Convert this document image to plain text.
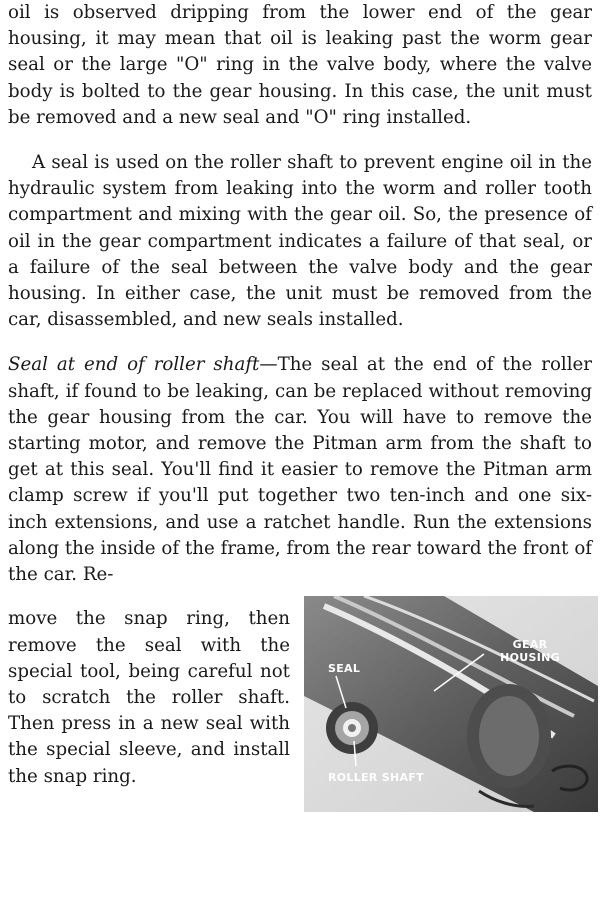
oil is observed dripping from the lower end of the gear housing, it may mean that oil is leaking past the worm gear seal or the large "O" ring in the valve body, where the valve body is bolted to the gear housing. In this case, the unit must be removed and a new seal and "O" ring installed.

A seal is used on the roller shaft to prevent engine oil in the hydraulic system from leaking into the worm and roller tooth compartment and mixing with the gear oil. So, the presence of oil in the gear compartment indicates a failure of that seal, or a failure of the seal between the valve body and the gear housing. In either case, the unit must be removed from the car, disassembled, and new seals installed.

Seal at end of roller shaft—The seal at the end of the roller shaft, if found to be leaking, can be replaced without removing the gear housing from the car. You will have to remove the starting motor, and remove the Pitman arm from the shaft to get at this seal. You'll find it easier to remove the Pitman arm clamp screw if you'll put together two ten-inch and one six-inch extensions, and use a ratchet handle. Run the extensions along the inside of the frame, from the rear toward the front of the car. Re-

move the snap ring, then remove the seal with the special tool, being careful not to scratch the roller shaft. Then press in a new seal with the special sleeve, and install the snap ring.

GEAR
HOUSING
SEAL
ROLLER SHAFT
